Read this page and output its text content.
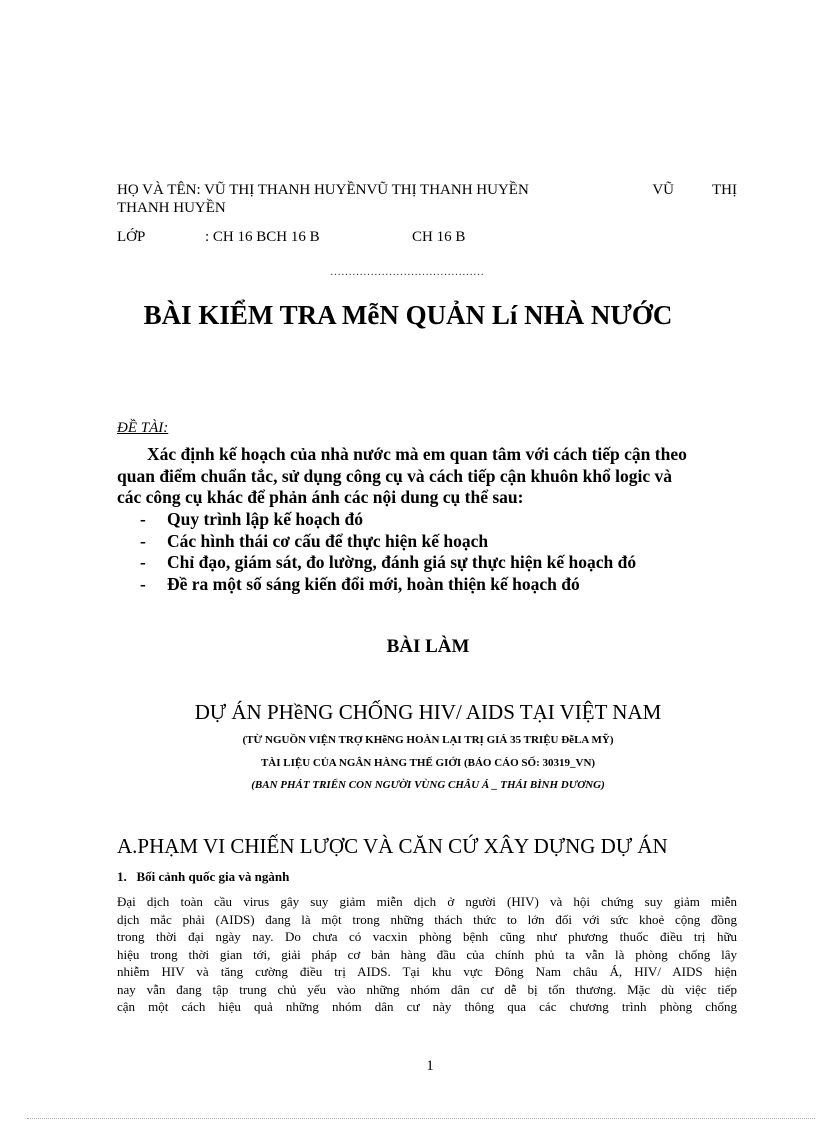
HỌ VÀ TÊN: VŨ THỊ THANH HUYỀNVŨ THỊ THANH HUYỀN	VŨ	THỊ
THANH HUYỀN
LỚP	: CH 16 BCH 16 B	CH 16 B
……………………………………
BÀI KIỂM TRA MễN QUẢN Lí NHÀ NƯỚC
ĐỀ TÀI:
Xác định kế hoạch của nhà nước mà em quan tâm với cách tiếp cận theo
quan điểm chuẩn tắc, sử dụng công cụ và cách tiếp cận khuôn khổ logic và
các công cụ khác để phản ánh các nội dung cụ thể sau:
-	Quy trình lập kế hoạch đó
-	Các hình thái cơ cấu để thực hiện kế hoạch
-	Chỉ đạo, giám sát, đo lường, đánh giá sự thực hiện kế hoạch đó
-	Đề ra một số sáng kiến đổi mới, hoàn thiện kế hoạch đó
BÀI LÀM
DỰ ÁN PHềNG CHỐNG HIV/ AIDS TẠI VIỆT NAM
(TỪ NGUỒN VIỆN TRỢ KHễNG HOÀN LẠI TRỊ GIÁ 35 TRIỆU ĐễLA MỸ)
TÀI LIỆU CỦA NGÂN HÀNG THẾ GIỚI (BÁO CÁO SỐ: 30319_VN)
(BAN PHÁT TRIỂN CON NGƯỜI VÙNG CHÂU Á _ THÁI BÌNH DƯƠNG)
A.PHẠM VI CHIẾN LƯỢC VÀ CĂN CỨ XÂY DỰNG DỰ ÁN
1.   Bối cảnh quốc gia và ngành
Đại dịch toàn cầu virus gây suy giảm miễn dịch ở người (HIV) và hội chứng suy giảm miễn
dịch mắc phải (AIDS) đang là một trong những thách thức to lớn đối với sức khoẻ cộng đồng
trong thời đại ngày nay. Do chưa có vacxin phòng bệnh cũng như phương thuốc điều trị hữu
hiệu trong thời gian tới, giải pháp cơ bản hàng đầu của chính phủ ta vẫn là phòng chống lây
nhiễm HIV và tăng cường điều trị AIDS. Tại khu vực Đông Nam châu Á, HIV/ AIDS hiện
nay vẫn đang tập trung chủ yếu vào những nhóm dân cư dễ bị tổn thương. Mặc dù việc tiếp
cận một cách hiệu quả những nhóm dân cư này thông qua các chương trình phòng chống
1
